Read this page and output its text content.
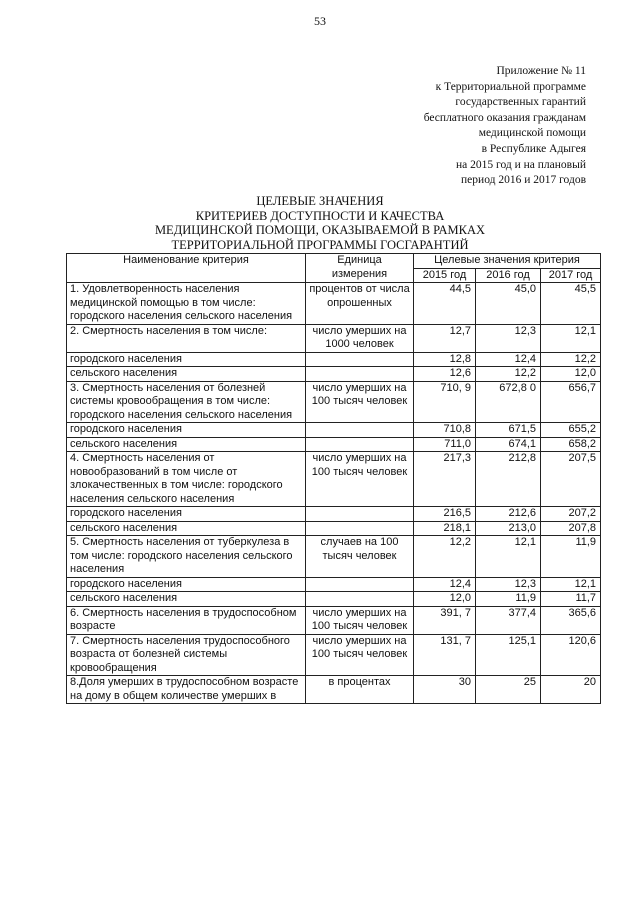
53
Приложение № 11
к Территориальной программе
государственных гарантий
бесплатного оказания гражданам
медицинской помощи
в Республике Адыгея
на 2015 год и на плановый
период 2016 и 2017 годов
ЦЕЛЕВЫЕ ЗНАЧЕНИЯ
КРИТЕРИЕВ ДОСТУПНОСТИ И КАЧЕСТВА
МЕДИЦИНСКОЙ ПОМОЩИ, ОКАЗЫВАЕМОЙ В РАМКАХ
ТЕРРИТОРИАЛЬНОЙ ПРОГРАММЫ ГОСГАРАНТИЙ
Наименование критерия	Единица измерения	Целевые значения критерия		
		2015 год	2016 год	2017 год
1. Удовлетворенность населения медицинской помощью в том числе: городского населения сельского населения	процентов от числа опрошенных	44,5	45,0	45,5
2. Смертность населения в том числе:	число умерших на 1000 человек	12,7	12,3	12,1
городского населения		12,8	12,4	12,2
сельского населения		12,6	12,2	12,0
3. Смертность населения от болезней системы кровообращения в том числе: городского населения сельского населения	число умерших на 100 тысяч человек	710, 9	672,8 0	656,7
городского населения		710,8	671,5	655,2
сельского населения		711,0	674,1	658,2
4. Смертность населения от новообразований в том числе от злокачественных в том числе: городского населения сельского населения	число умерших на 100 тысяч человек	217,3	212,8	207,5
городского населения		216,5	212,6	207,2
сельского населения		218,1	213,0	207,8
5. Смертность населения от туберкулеза в том числе: городского населения сельского населения	случаев на 100 тысяч человек	12,2	12,1	11,9
городского населения		12,4	12,3	12,1
сельского населения		12,0	11,9	11,7
6. Смертность населения в трудоспособном возрасте	число умерших на 100 тысяч человек	391, 7	377,4	365,6
7. Смертность населения трудоспособного возраста от болезней системы кровообращения	число умерших на 100 тысяч человек	131, 7	125,1	120,6
8.Доля умерших в трудоспособном возрасте на дому в общем количестве умерших в	в процентах	30	25	20
